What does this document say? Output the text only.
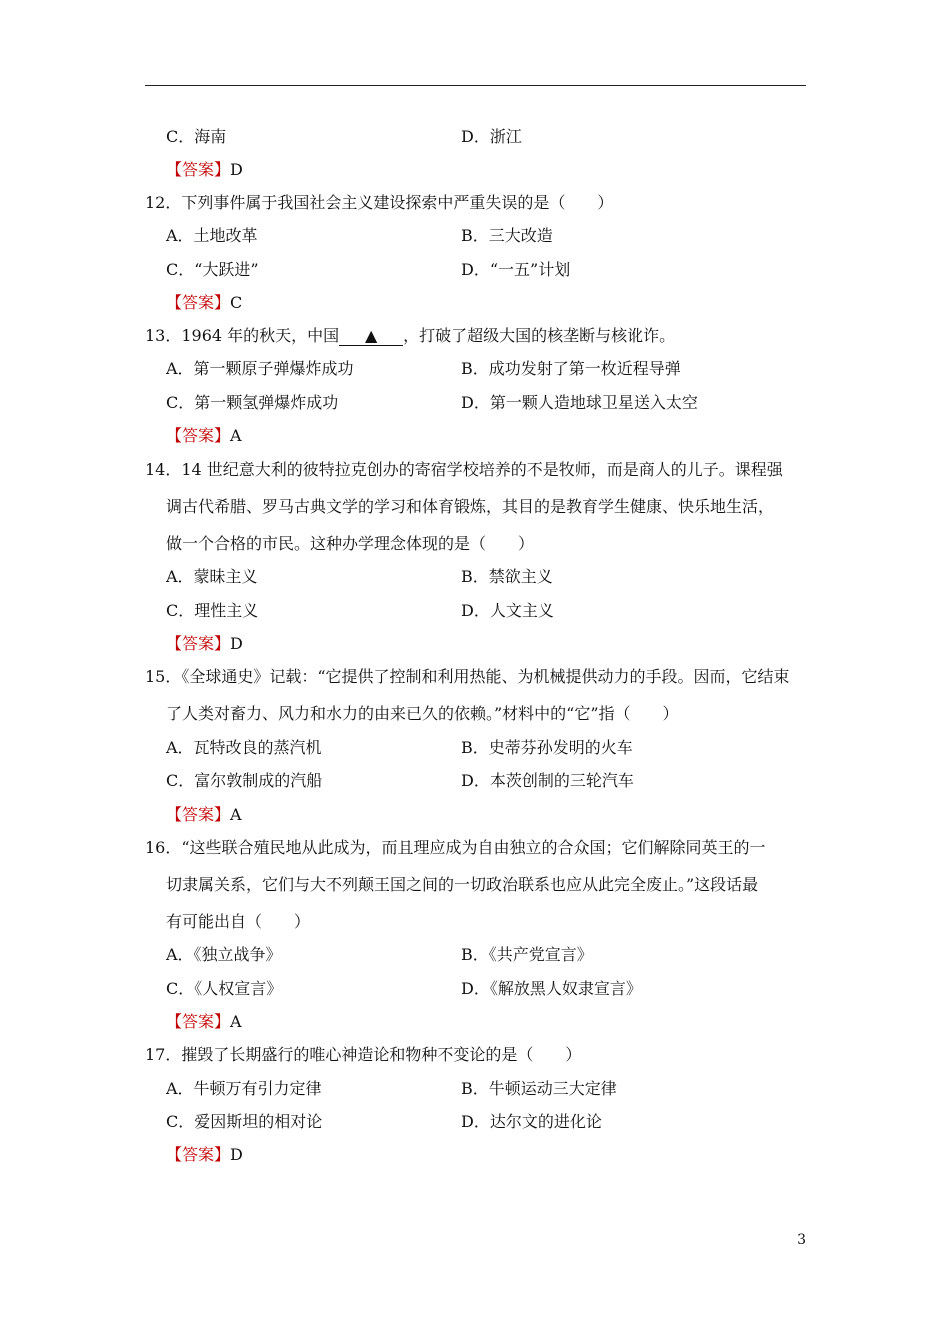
C．海南	D．浙江
【答案】D
12．下列事件属于我国社会主义建设探索中严重失误的是（　　）
A．土地改革	B．三大改造
C．“大跃进”	D．“一五”计划
【答案】C
13．1964 年的秋天，中国 ▲ ，打破了超级大国的核垄断与核讹诈。
A．第一颗原子弹爆炸成功	B．成功发射了第一枚近程导弹
C．第一颗氢弹爆炸成功	D．第一颗人造地球卫星送入太空
【答案】A
14．14 世纪意大利的彼特拉克创办的寄宿学校培养的不是牧师，而是商人的儿子。课程强
调古代希腊、罗马古典文学的学习和体育锻炼，其目的是教育学生健康、快乐地生活，
做一个合格的市民。这种办学理念体现的是（　　）
A．蒙昧主义	B．禁欲主义
C．理性主义	D．人文主义
【答案】D
15．《全球通史》记载：“它提供了控制和利用热能、为机械提供动力的手段。因而，它结束
了人类对畜力、风力和水力的由来已久的依赖。”材料中的“它”指（　　）
A．瓦特改良的蒸汽机	B．史蒂芬孙发明的火车
C．富尔敦制成的汽船	D．本茨创制的三轮汽车
【答案】A
16．“这些联合殖民地从此成为，而且理应成为自由独立的合众国；它们解除同英王的一
切隶属关系，它们与大不列颠王国之间的一切政治联系也应从此完全废止。”这段话最
有可能出自（　　）
A．《独立战争》	B．《共产党宣言》
C．《人权宣言》	D．《解放黑人奴隶宣言》
【答案】A
17．摧毁了长期盛行的唯心神造论和物种不变论的是（　　）
A．牛顿万有引力定律	B．牛顿运动三大定律
C．爱因斯坦的相对论	D．达尔文的进化论
【答案】D
3
